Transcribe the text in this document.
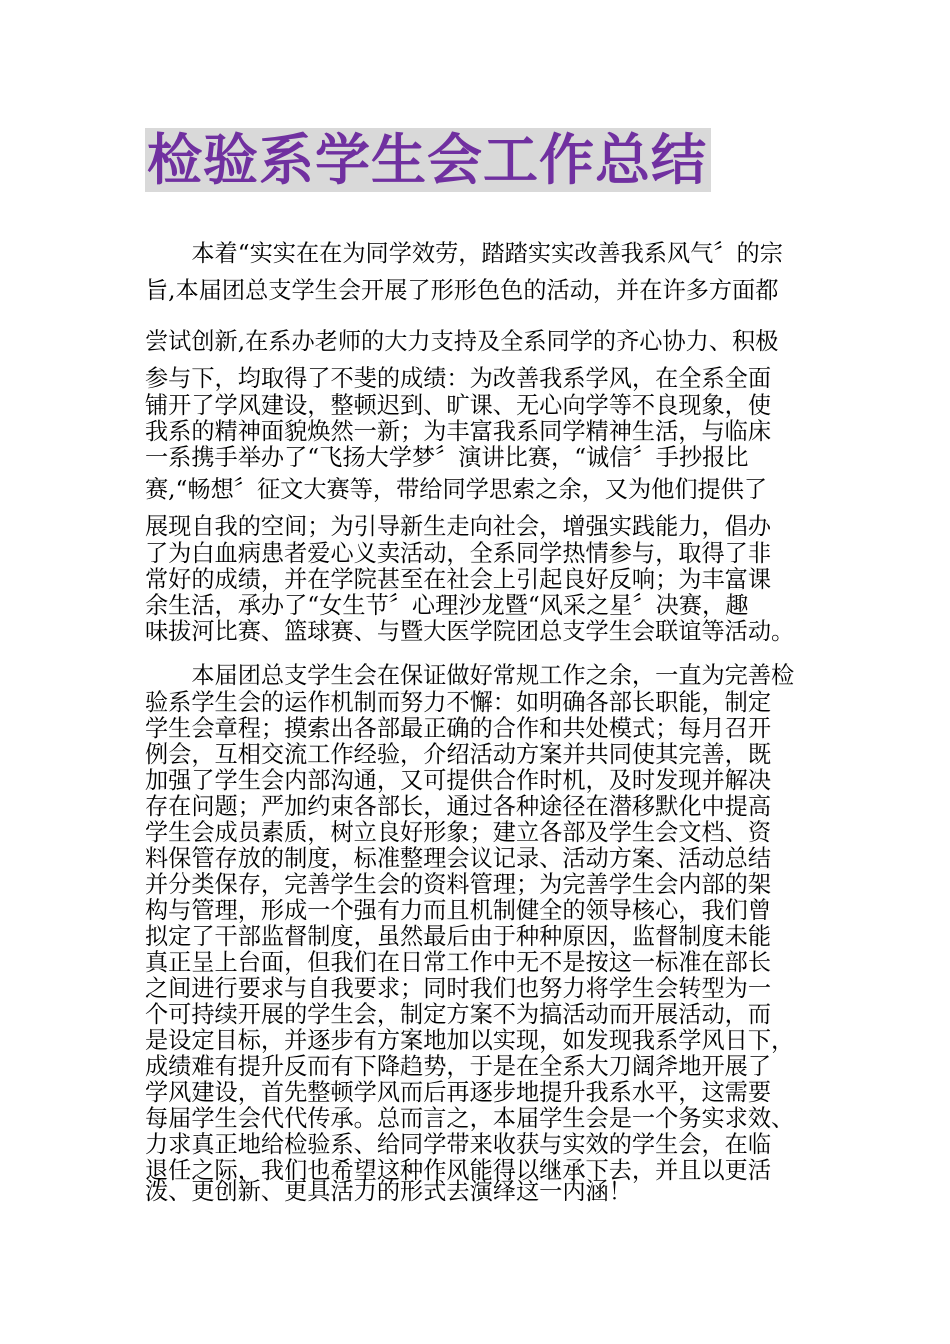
检验系学生会工作总结
　　本着“实实在在为同学效劳，踏踏实实改善我系风气〞的宗
旨,本届团总支学生会开展了形形色色的活动，并在许多方面都
尝试创新,在系办老师的大力支持及全系同学的齐心协力、积极
参与下，均取得了不斐的成绩：为改善我系学风，在全系全面
铺开了学风建设，整顿迟到、旷课、无心向学等不良现象，使
我系的精神面貌焕然一新；为丰富我系同学精神生活，与临床
一系携手举办了“飞扬大学梦〞演讲比赛，“诚信〞手抄报比
赛,“畅想〞征文大赛等，带给同学思索之余，又为他们提供了
展现自我的空间；为引导新生走向社会，增强实践能力，倡办
了为白血病患者爱心义卖活动，全系同学热情参与，取得了非
常好的成绩，并在学院甚至在社会上引起良好反响；为丰富课
余生活，承办了“女生节〞心理沙龙暨“风采之星〞决赛，趣
味拔河比赛、篮球赛、与暨大医学院团总支学生会联谊等活动。
　　本届团总支学生会在保证做好常规工作之余，一直为完善检
验系学生会的运作机制而努力不懈：如明确各部长职能，制定
学生会章程；摸索出各部最正确的合作和共处模式；每月召开
例会，互相交流工作经验，介绍活动方案并共同使其完善，既
加强了学生会内部沟通，又可提供合作时机，及时发现并解决
存在问题；严加约束各部长，通过各种途径在潜移默化中提高
学生会成员素质，树立良好形象；建立各部及学生会文档、资
料保管存放的制度，标准整理会议记录、活动方案、活动总结
并分类保存，完善学生会的资料管理；为完善学生会内部的架
构与管理，形成一个强有力而且机制健全的领导核心，我们曾
拟定了干部监督制度，虽然最后由于种种原因，监督制度未能
真正呈上台面，但我们在日常工作中无不是按这一标准在部长
之间进行要求与自我要求；同时我们也努力将学生会转型为一
个可持续开展的学生会，制定方案不为搞活动而开展活动，而
是设定目标，并逐步有方案地加以实现，如发现我系学风日下，
成绩难有提升反而有下降趋势，于是在全系大刀阔斧地开展了
学风建设，首先整顿学风而后再逐步地提升我系水平，这需要
每届学生会代代传承。总而言之，本届学生会是一个务实求效、
力求真正地给检验系、给同学带来收获与实效的学生会，在临
退任之际，我们也希望这种作风能得以继承下去，并且以更活
泼、更创新、更具活力的形式去演绎这一内涵！
